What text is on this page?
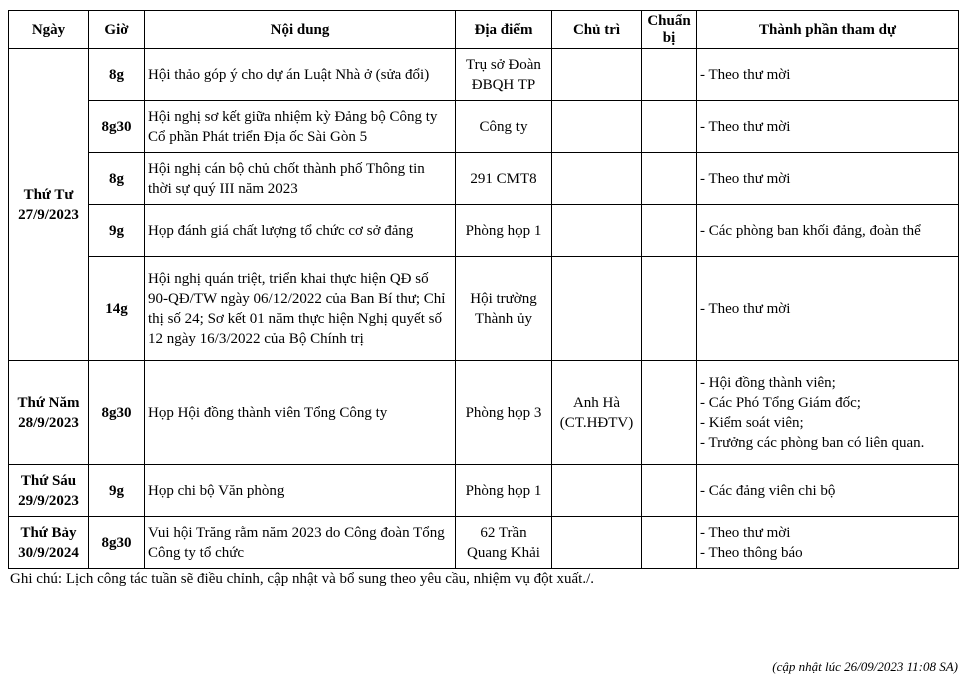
Ngày	Giờ	Nội dung	Địa điểm	Chủ trì	Chuẩn bị	Thành phần tham dự

Thứ Tư
27/9/2023	8g	Hội thảo góp ý cho dự án Luật Nhà ở (sửa đổi)	Trụ sở Đoàn ĐBQH TP			- Theo thư mời

	8g30	Hội nghị sơ kết giữa nhiệm kỳ Đảng bộ Công ty Cổ phần Phát triển Địa ốc Sài Gòn 5	Công ty			- Theo thư mời

	8g	Hội nghị cán bộ chủ chốt thành phố Thông tin thời sự quý III năm 2023	291 CMT8			- Theo thư mời

	9g	Họp đánh giá chất lượng tổ chức cơ sở đảng	Phòng họp 1			- Các phòng ban khối đảng, đoàn thể

	14g	Hội nghị quán triệt, triển khai thực hiện QĐ số 90-QĐ/TW ngày 06/12/2022 của Ban Bí thư; Chỉ thị số 24; Sơ kết 01 năm thực hiện Nghị quyết số 12 ngày 16/3/2022 của Bộ Chính trị	Hội trường Thành ủy			- Theo thư mời

Thứ Năm
28/9/2023	8g30	Họp Hội đồng thành viên Tổng Công ty	Phòng họp 3	Anh Hà (CT.HĐTV)		- Hội đồng thành viên;
- Các Phó Tổng Giám đốc;
- Kiểm soát viên;
- Trưởng các phòng ban có liên quan.

Thứ Sáu
29/9/2023	9g	Họp chi bộ Văn phòng	Phòng họp 1			- Các đảng viên chi bộ

Thứ Bảy
30/9/2024	8g30	Vui hội Trăng rằm năm 2023 do Công đoàn Tổng Công ty tổ chức	62 Trần Quang Khải			- Theo thư mời
- Theo thông báo
Ghi chú: Lịch công tác tuần sẽ điều chỉnh, cập nhật và bổ sung theo yêu cầu, nhiệm vụ đột xuất./.
(cập nhật lúc 26/09/2023 11:08 SA)
